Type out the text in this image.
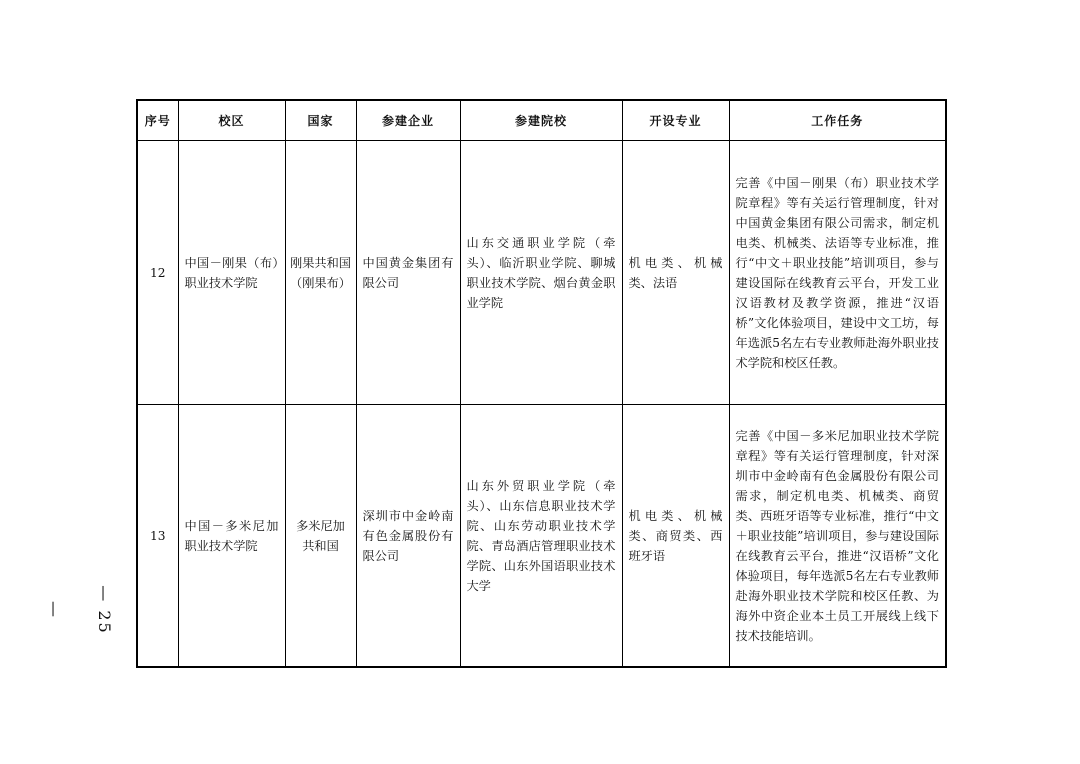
序号	校区	国家	参建企业	参建院校	开设专业	工作任务

12	中国－刚果（布）职业技术学院	刚果共和国（刚果布）	中国黄金集团有限公司	山东交通职业学院（牵头）、临沂职业学院、聊城职业技术学院、烟台黄金职业学院	机电类、机械类、法语	完善《中国－刚果（布）职业技术学院章程》等有关运行管理制度，针对中国黄金集团有限公司需求，制定机电类、机械类、法语等专业标准，推行“中文＋职业技能”培训项目，参与建设国际在线教育云平台，开发工业汉语教材及教学资源，推进“汉语桥”文化体验项目，建设中文工坊，每年选派5名左右专业教师赴海外职业技术学院和校区任教。

13	中国－多米尼加职业技术学院	多米尼加共和国	深圳市中金岭南有色金属股份有限公司	山东外贸职业学院（牵头）、山东信息职业技术学院、山东劳动职业技术学院、青岛酒店管理职业技术学院、山东外国语职业技术大学	机电类、机械类、商贸类、西班牙语	完善《中国－多米尼加职业技术学院章程》等有关运行管理制度，针对深圳市中金岭南有色金属股份有限公司需求，制定机电类、机械类、商贸类、西班牙语等专业标准，推行“中文＋职业技能”培训项目，参与建设国际在线教育云平台，推进“汉语桥”文化体验项目，每年选派5名左右专业教师赴海外职业技术学院和校区任教、为海外中资企业本土员工开展线上线下技术技能培训。
— 25 —
